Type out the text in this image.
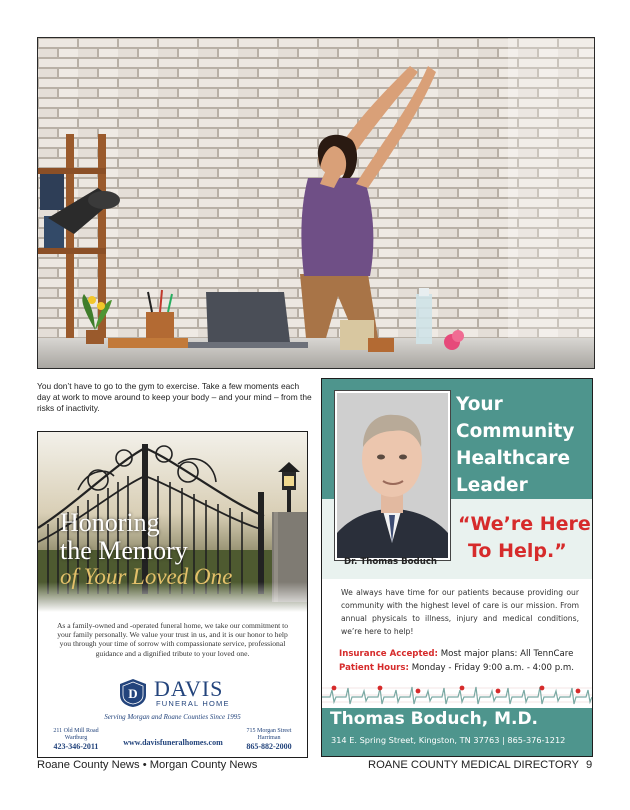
You don’t have to go to the gym to exercise. Take a few moments each day at work to move around to keep your body – and your mind – from the risks of inactivity.

Honoring
the Memory
of Your Loved One

As a family-owned and -operated funeral home, we take our commitment to your family personally. We value your trust in us, and it is our honor to help you through your time of sorrow with compassionate service, professional guidance and a dignified tribute to your loved one.

D DAVIS
FUNERAL HOME
Serving Morgan and Roane Counties Since 1995
211 Old Mill Road
Wartburg
423-346-2011	www.davisfuneralhomes.com
715 Morgan Street
Harriman
865-882-2000
Your
Community
Healthcare
Leader
Dr. Thomas Boduch
“We’re Here
To Help.”

We always have time for our patients because providing our community with the highest level of care is our mission. From annual physicals to illness, injury and medical conditions, we’re here to help!

Insurance Accepted: Most major plans: All TennCare
Patient Hours: Monday - Friday 9:00 a.m. - 4:00 p.m.
Thomas Boduch, M.D.
314 E. Spring Street, Kingston, TN 37763 | 865-376-1212
Roane County News • Morgan County News	ROANE COUNTY MEDICAL DIRECTORY 9
